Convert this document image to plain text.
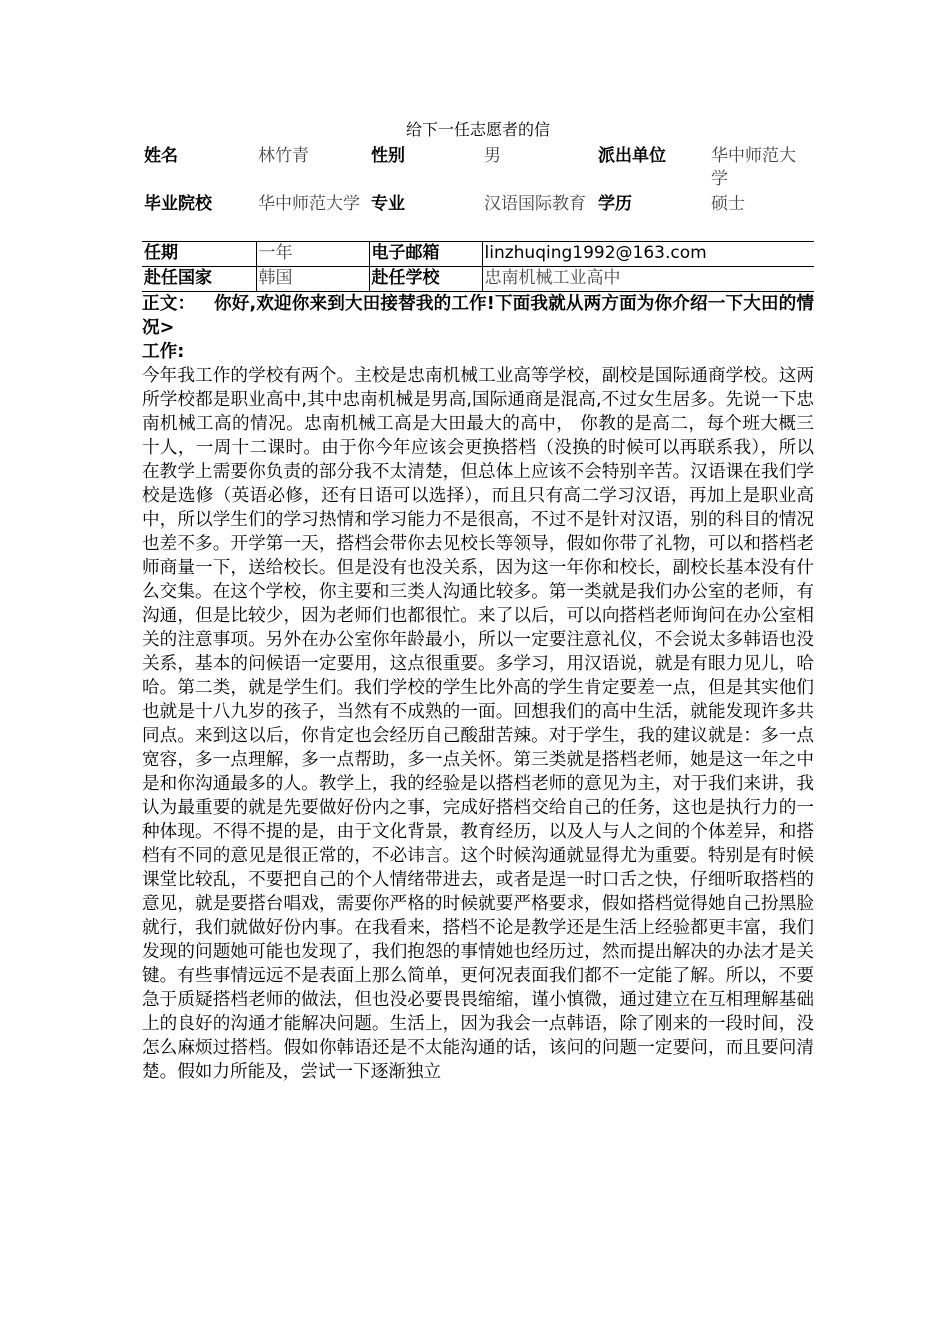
给下一任志愿者的信
姓名	林竹青	性别	男	派出单位	华中师范大学
毕业院校	华中师范大学	专业	汉语国际教育	学历	硕士
任期	一年	电子邮箱	linzhuqing1992@163.com		
赴任国家	韩国	赴任学校	忠南机械工业高中		
正文： 你好,欢迎你来到大田接替我的工作!下面我就从两方面为你介绍一下大田的情况>
工作:
今年我工作的学校有两个。主校是忠南机械工业高等学校，副校是国际通商学校。这两所学校都是职业高中,其中忠南机械是男高,国际通商是混高,不过女生居多。先说一下忠南机械工高的情况。忠南机械工高是大田最大的高中， 你教的是高二，每个班大概三十人，一周十二课时。由于你今年应该会更换搭档（没换的时候可以再联系我），所以在教学上需要你负责的部分我不太清楚，但总体上应该不会特别辛苦。汉语课在我们学校是选修（英语必修，还有日语可以选择），而且只有高二学习汉语，再加上是职业高中，所以学生们的学习热情和学习能力不是很高，不过不是针对汉语，别的科目的情况也差不多。开学第一天，搭档会带你去见校长等领导，假如你带了礼物，可以和搭档老师商量一下，送给校长。但是没有也没关系，因为这一年你和校长，副校长基本没有什么交集。在这个学校，你主要和三类人沟通比较多。第一类就是我们办公室的老师，有沟通，但是比较少，因为老师们也都很忙。来了以后，可以向搭档老师询问在办公室相关的注意事项。另外在办公室你年龄最小，所以一定要注意礼仪，不会说太多韩语也没关系，基本的问候语一定要用，这点很重要。多学习，用汉语说，就是有眼力见儿，哈哈。第二类，就是学生们。我们学校的学生比外高的学生肯定要差一点，但是其实他们也就是十八九岁的孩子，当然有不成熟的一面。回想我们的高中生活，就能发现许多共同点。来到这以后，你肯定也会经历自己酸甜苦辣。对于学生，我的建议就是：多一点宽容，多一点理解，多一点帮助，多一点关怀。第三类就是搭档老师，她是这一年之中是和你沟通最多的人。教学上，我的经验是以搭档老师的意见为主，对于我们来讲，我认为最重要的就是先要做好份内之事，完成好搭档交给自己的任务，这也是执行力的一种体现。不得不提的是，由于文化背景，教育经历，以及人与人之间的个体差异，和搭档有不同的意见是很正常的，不必讳言。这个时候沟通就显得尤为重要。特别是有时候课堂比较乱，不要把自己的个人情绪带进去，或者是逞一时口舌之快，仔细听取搭档的意见，就是要搭台唱戏，需要你严格的时候就要严格要求，假如搭档觉得她自己扮黑脸就行，我们就做好份内事。在我看来，搭档不论是教学还是生活上经验都更丰富，我们发现的问题她可能也发现了，我们抱怨的事情她也经历过，然而提出解决的办法才是关键。有些事情远远不是表面上那么简单，更何况表面我们都不一定能了解。所以，不要急于质疑搭档老师的做法，但也没必要畏畏缩缩，谨小慎微，通过建立在互相理解基础上的良好的沟通才能解决问题。生活上，因为我会一点韩语，除了刚来的一段时间，没怎么麻烦过搭档。假如你韩语还是不太能沟通的话，该问的问题一定要问，而且要问清楚。假如力所能及，尝试一下逐渐独立
